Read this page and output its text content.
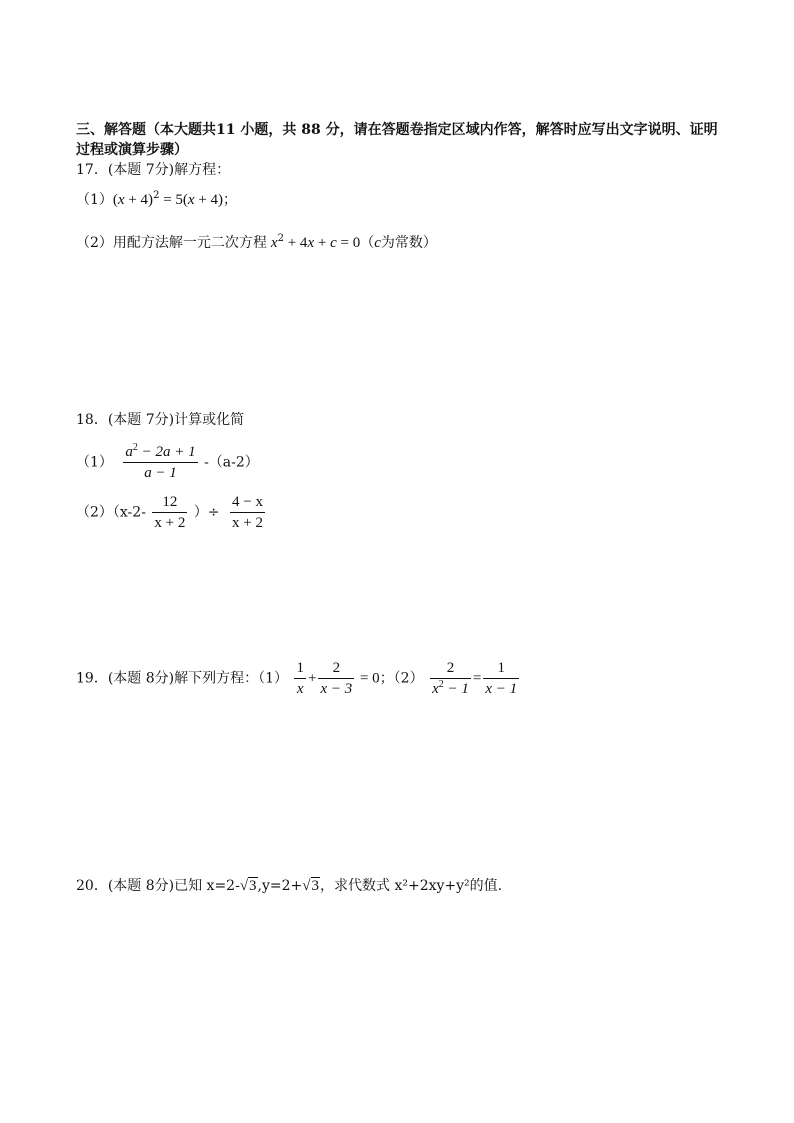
三、解答题（本大题共11 小题，共 88 分，请在答题卷指定区域内作答，解答时应写出文字说明、证明过程或演算步骤）
17．(本题 7分)解方程：
$(1)(x + 4)^2 = 5(x + 4)$；
（2）用配方法解一元二次方程 $x^2 + 4x + c = 0(c$为常数）
18．(本题 7分)计算或化简
$(1) \frac{a^2 - 2a + 1}{a - 1} -(a-2)$
$(2)(x-2- \frac{12}{x + 2}$ ）÷ $\frac{4 - x}{x + 2}$
19．(本题 8分)解下列方程：$(1) \frac{1}{x} + \frac{2}{x - 3} = 0$；$(2) \frac{2}{x^2 - 1} = \frac{1}{x - 1}$
20．(本题 8分)已知 x=2-√3,y=2+√3，求代数式 x²+2xy+y²的值.
